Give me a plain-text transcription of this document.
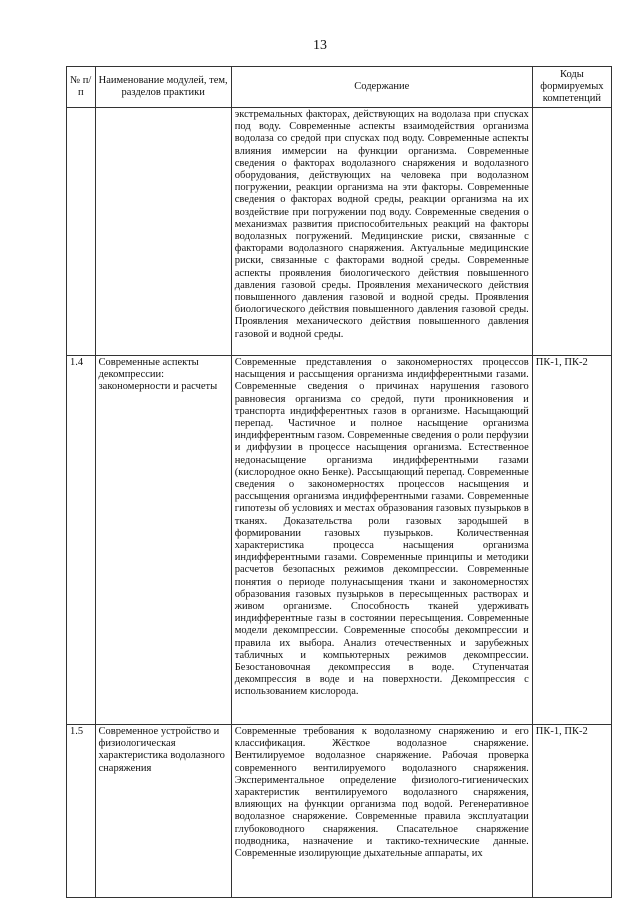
13
№ п/п	Наименование модулей, тем, разделов практики	Содержание	Коды формируемых компетенций
		экстремальных факторах, действующих на водолаза при спусках под воду. Современные аспекты взаимодействия организма водолаза со средой при спусках под воду. Современные аспекты влияния иммерсии на функции организма. Современные сведения о факторах водолазного снаряжения и водолазного оборудования, действующих на человека при водолазном погружении, реакции организма на эти факторы. Современные сведения о факторах водной среды, реакции организма на их воздействие при погружении под воду. Современные сведения о механизмах развития приспособительных реакций на факторы водолазных погружений. Медицинские риски, связанные с факторами водолазного снаряжения. Актуальные медицинские риски, связанные с факторами водной среды. Современные аспекты проявления биологического действия повышенного давления газовой среды. Проявления механического действия повышенного давления газовой и водной среды. Проявления биологического действия повышенного давления газовой среды. Проявления механического действия повышенного давления газовой и водной среды.	
1.4	Современные аспекты декомпрессии: закономерности и расчеты	Современные представления о закономерностях процессов насыщения и рассыщения организма индифферентными газами. Современные сведения о причинах нарушения газового равновесия организма со средой, пути проникновения и транспорта индифферентных газов в организме. Насыщающий перепад. Частичное и полное насыщение организма индифферентным газом. Современные сведения о роли перфузии и диффузии в процессе насыщения организма. Естественное недонасыщение организма индифферентными газами (кислородное окно Бенке). Рассыщающий перепад. Современные сведения о закономерностях процессов насыщения и рассыщения организма индифферентными газами. Современные гипотезы об условиях и местах образования газовых пузырьков в тканях. Доказательства роли газовых зародышей в формировании газовых пузырьков. Количественная характеристика процесса насыщения организма индифферентными газами. Современные принципы и методики расчетов безопасных режимов декомпрессии. Современные понятия о периоде полунасыщения ткани и закономерностях образования газовых пузырьков в пересыщенных растворах и живом организме. Способность тканей удерживать индифферентные газы в состоянии пересыщения. Современные модели декомпрессии. Современные способы декомпрессии и правила их выбора. Анализ отечественных и зарубежных табличных и компьютерных режимов декомпрессии. Безостановочная декомпрессия в воде. Ступенчатая декомпрессия в воде и на поверхности. Декомпрессия с использованием кислорода.	ПК-1, ПК-2
1.5	Современное устройство и физиологическая характеристика водолазного снаряжения	Современные требования к водолазному снаряжению и его классификация. Жёсткое водолазное снаряжение. Вентилируемое водолазное снаряжение. Рабочая проверка современного вентилируемого водолазного снаряжения. Экспериментальное определение физиолого-гигиенических характеристик вентилируемого водолазного снаряжения, влияющих на функции организма под водой. Регенеративное водолазное снаряжение. Современные правила эксплуатации глубоководного снаряжения. Спасательное снаряжение подводника, назначение и тактико-технические данные. Современные изолирующие дыхательные аппараты, их	ПК-1, ПК-2
